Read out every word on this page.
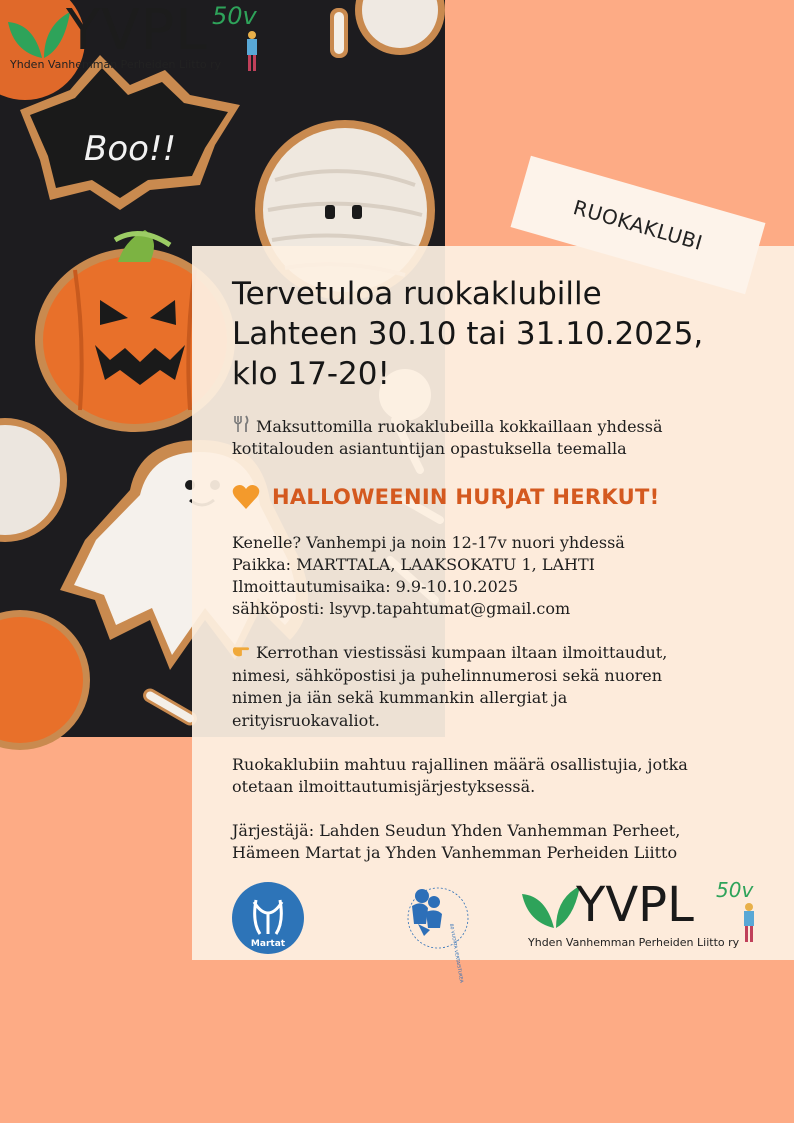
Boo!!
YVPL 50v
Yhden Vanhemman Perheiden Liitto ry
Tervetuloa ruokaklubille
Lahteen 30.10 tai 31.10.2025,
klo 17-20!
Maksuttomilla ruokaklubeilla kokkaillaan yhdessä
kotitalouden asiantuntijan opastuksella teemalla
HALLOWEENIN HURJAT HERKUT!
Kenelle? Vanhempi ja noin 12-17v nuori yhdessä
Paikka: MARTTALA, LAAKSOKATU 1, LAHTI
Ilmoittautumisaika: 9.9-10.10.2025
sähköposti: lsyvp.tapahtumat@gmail.com
Kerrothan viestissäsi kumpaan iltaan ilmoittaudut,
nimesi, sähköpostisi ja puhelinnumerosi sekä nuoren
nimen ja iän sekä kummankin allergiat ja
erityisruokavaliot.
Ruokaklubiin mahtuu rajallinen määrä osallistujia, jotka
otetaan ilmoittautumisjärjestyksessä.
Järjestäjä: Lahden Seudun Yhden Vanhemman Perheet,
Hämeen Martat ja Yhden Vanhemman Perheiden Liitto
RUOKAKLUBI
Martat	80 VUOTTA VERTAISTUKEA
YVPL 50v
Yhden Vanhemman Perheiden Liitto ry
